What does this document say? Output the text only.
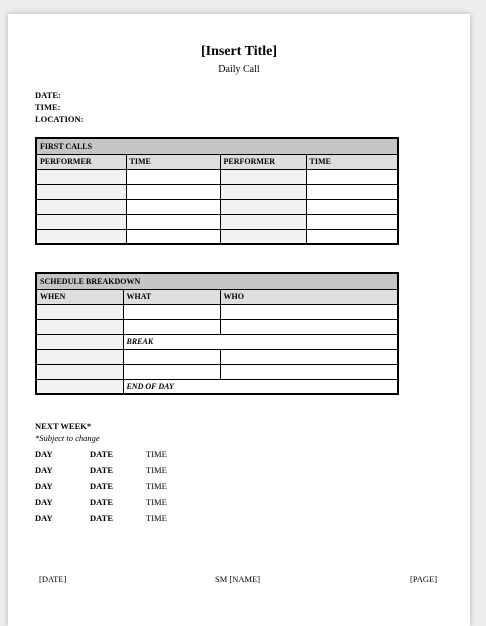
[Insert Title]
Daily Call
DATE:
TIME:
LOCATION:
FIRST CALLS			
PERFORMER	TIME	PERFORMER	TIME

SCHEDULE BREAKDOWN		
WHEN	WHAT	WHO

	BREAK	

	END OF DAY	
NEXT WEEK*
*Subject to change
DAY	DATE	TIME
DAY	DATE	TIME
DAY	DATE	TIME
DAY	DATE	TIME
DAY	DATE	TIME
[DATE]	SM [NAME]	[PAGE]
